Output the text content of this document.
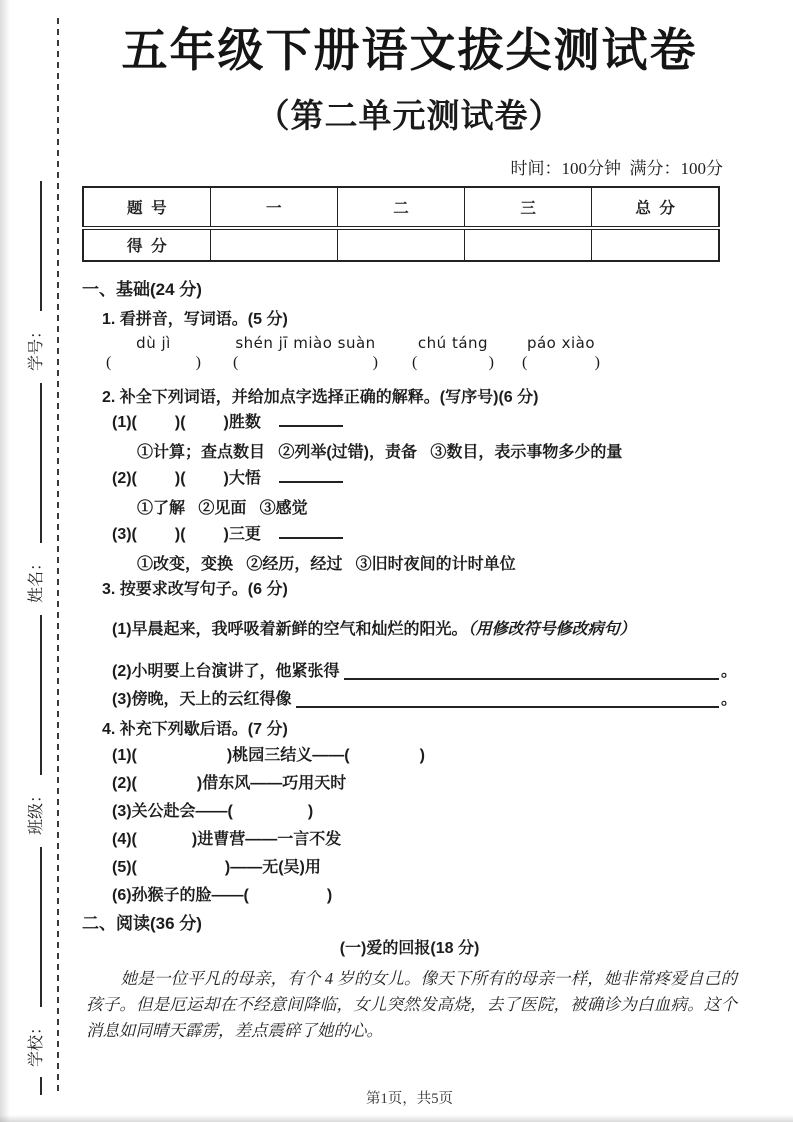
学校：
班级：
姓名：
学号：
五年级下册语文拔尖测试卷
（第二单元测试卷）
时间：100分钟  满分：100分
题  号	一	二	三	总  分
得  分				
一、基础(24 分)
1. 看拼音，写词语。(5 分)
dù jì
(	)
shén jī miào suàn
(	)
chú táng
(	)
páo xiào
(	)
2. 补全下列词语，并给加点字选择正确的解释。(写序号)(6 分)
(1)( )( )胜数 •
①计算；查点数目   ②列举(过错)，责备   ③数目，表示事物多少的量
(2)( )( )大悟 •
①了解   ②见面   ③感觉
(3)( )( )三更 •
①改变，变换   ②经历，经过   ③旧时夜间的计时单位
3. 按要求改写句子。(6 分)
(1)早晨起来，我呼吸着新鲜的空气和灿烂的阳光。（用修改符号修改病句）
(2)小明要上台演讲了，他紧张得	。
(3)傍晚，天上的云红得像	。
4. 补充下列歇后语。(7 分)
(1)(	)桃园三结义——(	)
(2)(	)借东风——巧用天时
(3)关公赴会——(	)
(4)(	)进曹营——一言不发
(5)(	)——无(吴)用
(6)孙猴子的脸——(	)
二、阅读(36 分)
(一)爱的回报(18 分)

她是一位平凡的母亲，有个 4 岁的女儿。像天下所有的母亲一样，她非常疼爱自己的孩子。但是厄运却在不经意间降临，女儿突然发高烧，去了医院，被确诊为白血病。这个消息如同晴天霹雳，差点震碎了她的心。

第1页，共5页
